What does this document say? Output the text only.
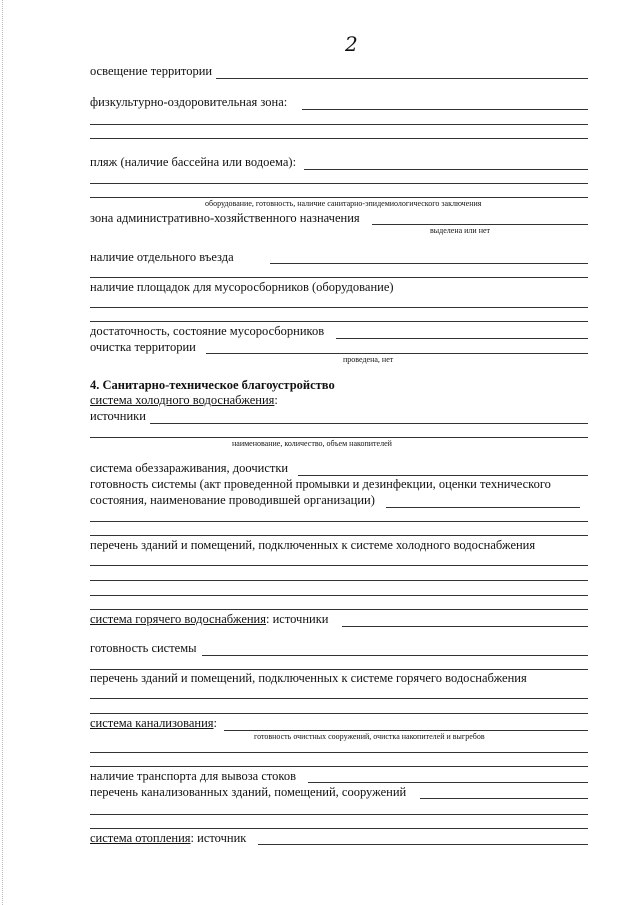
2
освещение территории
физкультурно-оздоровительная зона:
пляж (наличие бассейна или водоема):
оборудование, готовность, наличие санитарно-эпидемиологического заключения
зона административно-хозяйственного назначения
выделена или нет
наличие отдельного въезда
наличие площадок для мусоросборников (оборудование)
достаточность, состояние мусоросборников
очистка территории
проведена, нет
4. Санитарно-техническое благоустройство
система холодного водоснабжения:
источники
наименование, количество, объем накопителей
система обеззараживания, доочистки
готовность системы (акт проведенной промывки и дезинфекции, оценки технического
состояния, наименование проводившей организации)
перечень зданий и помещений, подключенных к системе холодного водоснабжения
система горячего водоснабжения: источники
готовность системы
перечень зданий и помещений, подключенных к системе горячего водоснабжения
система канализования:
готовность очистных сооружений, очистка накопителей и выгребов
наличие транспорта для вывоза стоков
перечень канализованных зданий, помещений, сооружений
система отопления: источник
